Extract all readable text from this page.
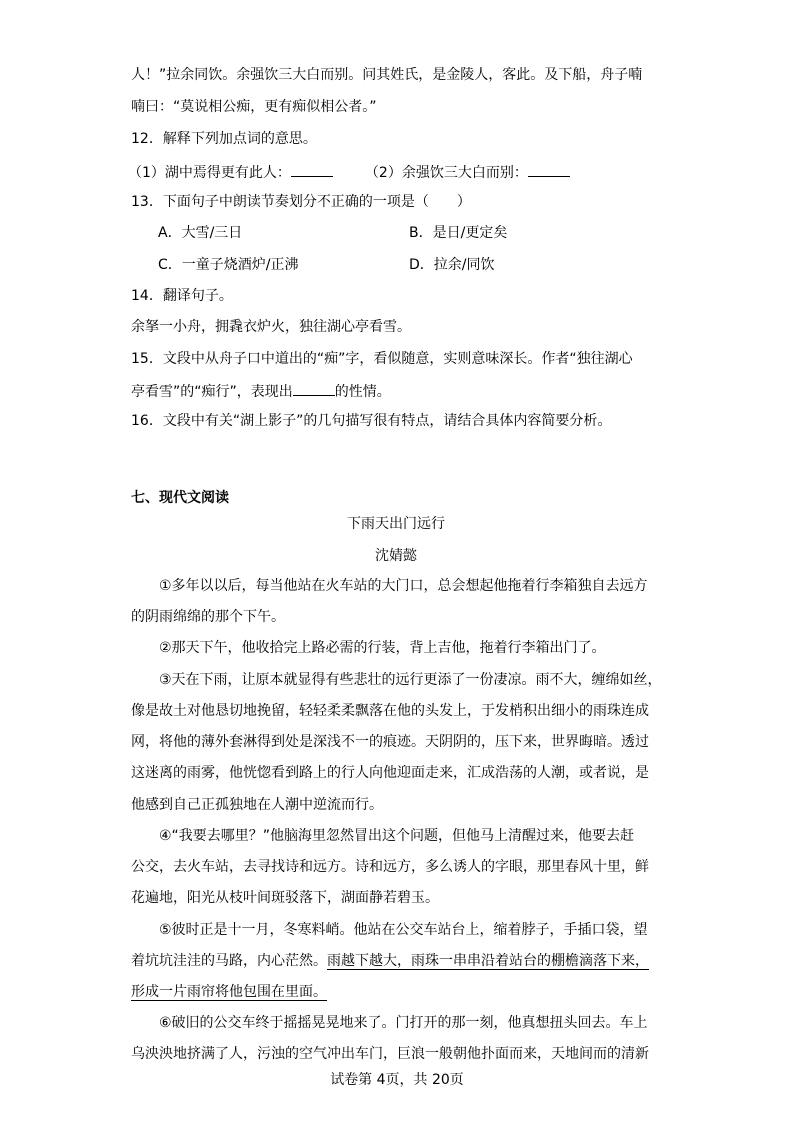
人！”拉余同饮。余强饮三大白而别。问其姓氏，是金陵人，客此。及下船，舟子喃
喃曰：“莫说相公痴，更有痴似相公者。”
12．解释下列加点词的意思。
（1）湖中焉得更有此人：	（2）余强饮三大白而别：
13．下面句子中朗读节奏划分不正确的一项是（　　）
A．大雪/三日	B．是日/更定矣
C．一童子烧酒炉/正沸	D．拉余/同饮
14．翻译句子。
余拏一小舟，拥毳衣炉火，独往湖心亭看雪。
15．文段中从舟子口中道出的“痴”字，看似随意，实则意味深长。作者“独往湖心
亭看雪”的“痴行”，表现出	的性情。
16．文段中有关“湖上影子”的几句描写很有特点，请结合具体内容简要分析。
七、现代文阅读
下雨天出门远行
沈婧懿
①多年以以后，每当他站在火车站的大门口，总会想起他拖着行李箱独自去远方
的阴雨绵绵的那个下午。
②那天下午，他收拾完上路必需的行装，背上吉他，拖着行李箱出门了。
③天在下雨，让原本就显得有些悲壮的远行更添了一份凄凉。雨不大，缠绵如丝，
像是故土对他恳切地挽留，轻轻柔柔飘落在他的头发上，于发梢积出细小的雨珠连成
网，将他的薄外套淋得到处是深浅不一的痕迹。天阴阴的，压下来，世界晦暗。透过
这迷离的雨雾，他恍惚看到路上的行人向他迎面走来，汇成浩荡的人潮，或者说，是
他感到自己正孤独地在人潮中逆流而行。
④“我要去哪里？”他脑海里忽然冒出这个问题，但他马上清醒过来，他要去赶
公交，去火车站，去寻找诗和远方。诗和远方，多么诱人的字眼，那里春风十里，鲜
花遍地，阳光从枝叶间斑驳落下，湖面静若碧玉。
⑤彼时正是十一月，冬寒料峭。他站在公交车站台上，缩着脖子，手插口袋，望
着坑坑洼洼的马路，内心茫然。雨越下越大，雨珠一串串沿着站台的棚檐滴落下来，
形成一片雨帘将他包围在里面。
⑥破旧的公交车终于摇摇晃晃地来了。门打开的那一刻，他真想扭头回去。车上
乌泱泱地挤满了人，污浊的空气冲出车门，巨浪一般朝他扑面而来，天地间而的清新
试卷第 4页，共 20页
